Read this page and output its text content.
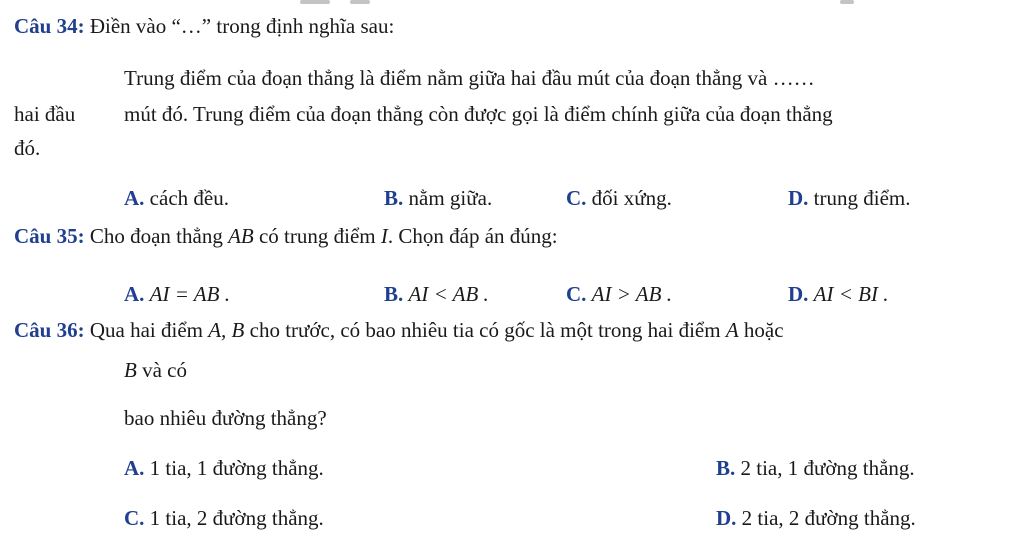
Câu 34: Điền vào “…” trong định nghĩa sau:
Trung điểm của đoạn thẳng là điểm nằm giữa hai đầu mút của đoạn thẳng và ……
hai đầu mút đó. Trung điểm của đoạn thẳng còn được gọi là điểm chính giữa của đoạn thẳng
đó.
A. cách đều.	B. nằm giữa.	C. đối xứng.	D. trung điểm.
Câu 35: Cho đoạn thẳng AB có trung điểm I. Chọn đáp án đúng:
A. AI = AB .	B. AI < AB .	C. AI > AB .	D. AI < BI .
Câu 36: Qua hai điểm A, B cho trước, có bao nhiêu tia có gốc là một trong hai điểm A hoặc
B và có
bao nhiêu đường thẳng?
A. 1 tia, 1 đường thẳng.	B. 2 tia, 1 đường thẳng.
C. 1 tia, 2 đường thẳng.	D. 2 tia, 2 đường thẳng.
